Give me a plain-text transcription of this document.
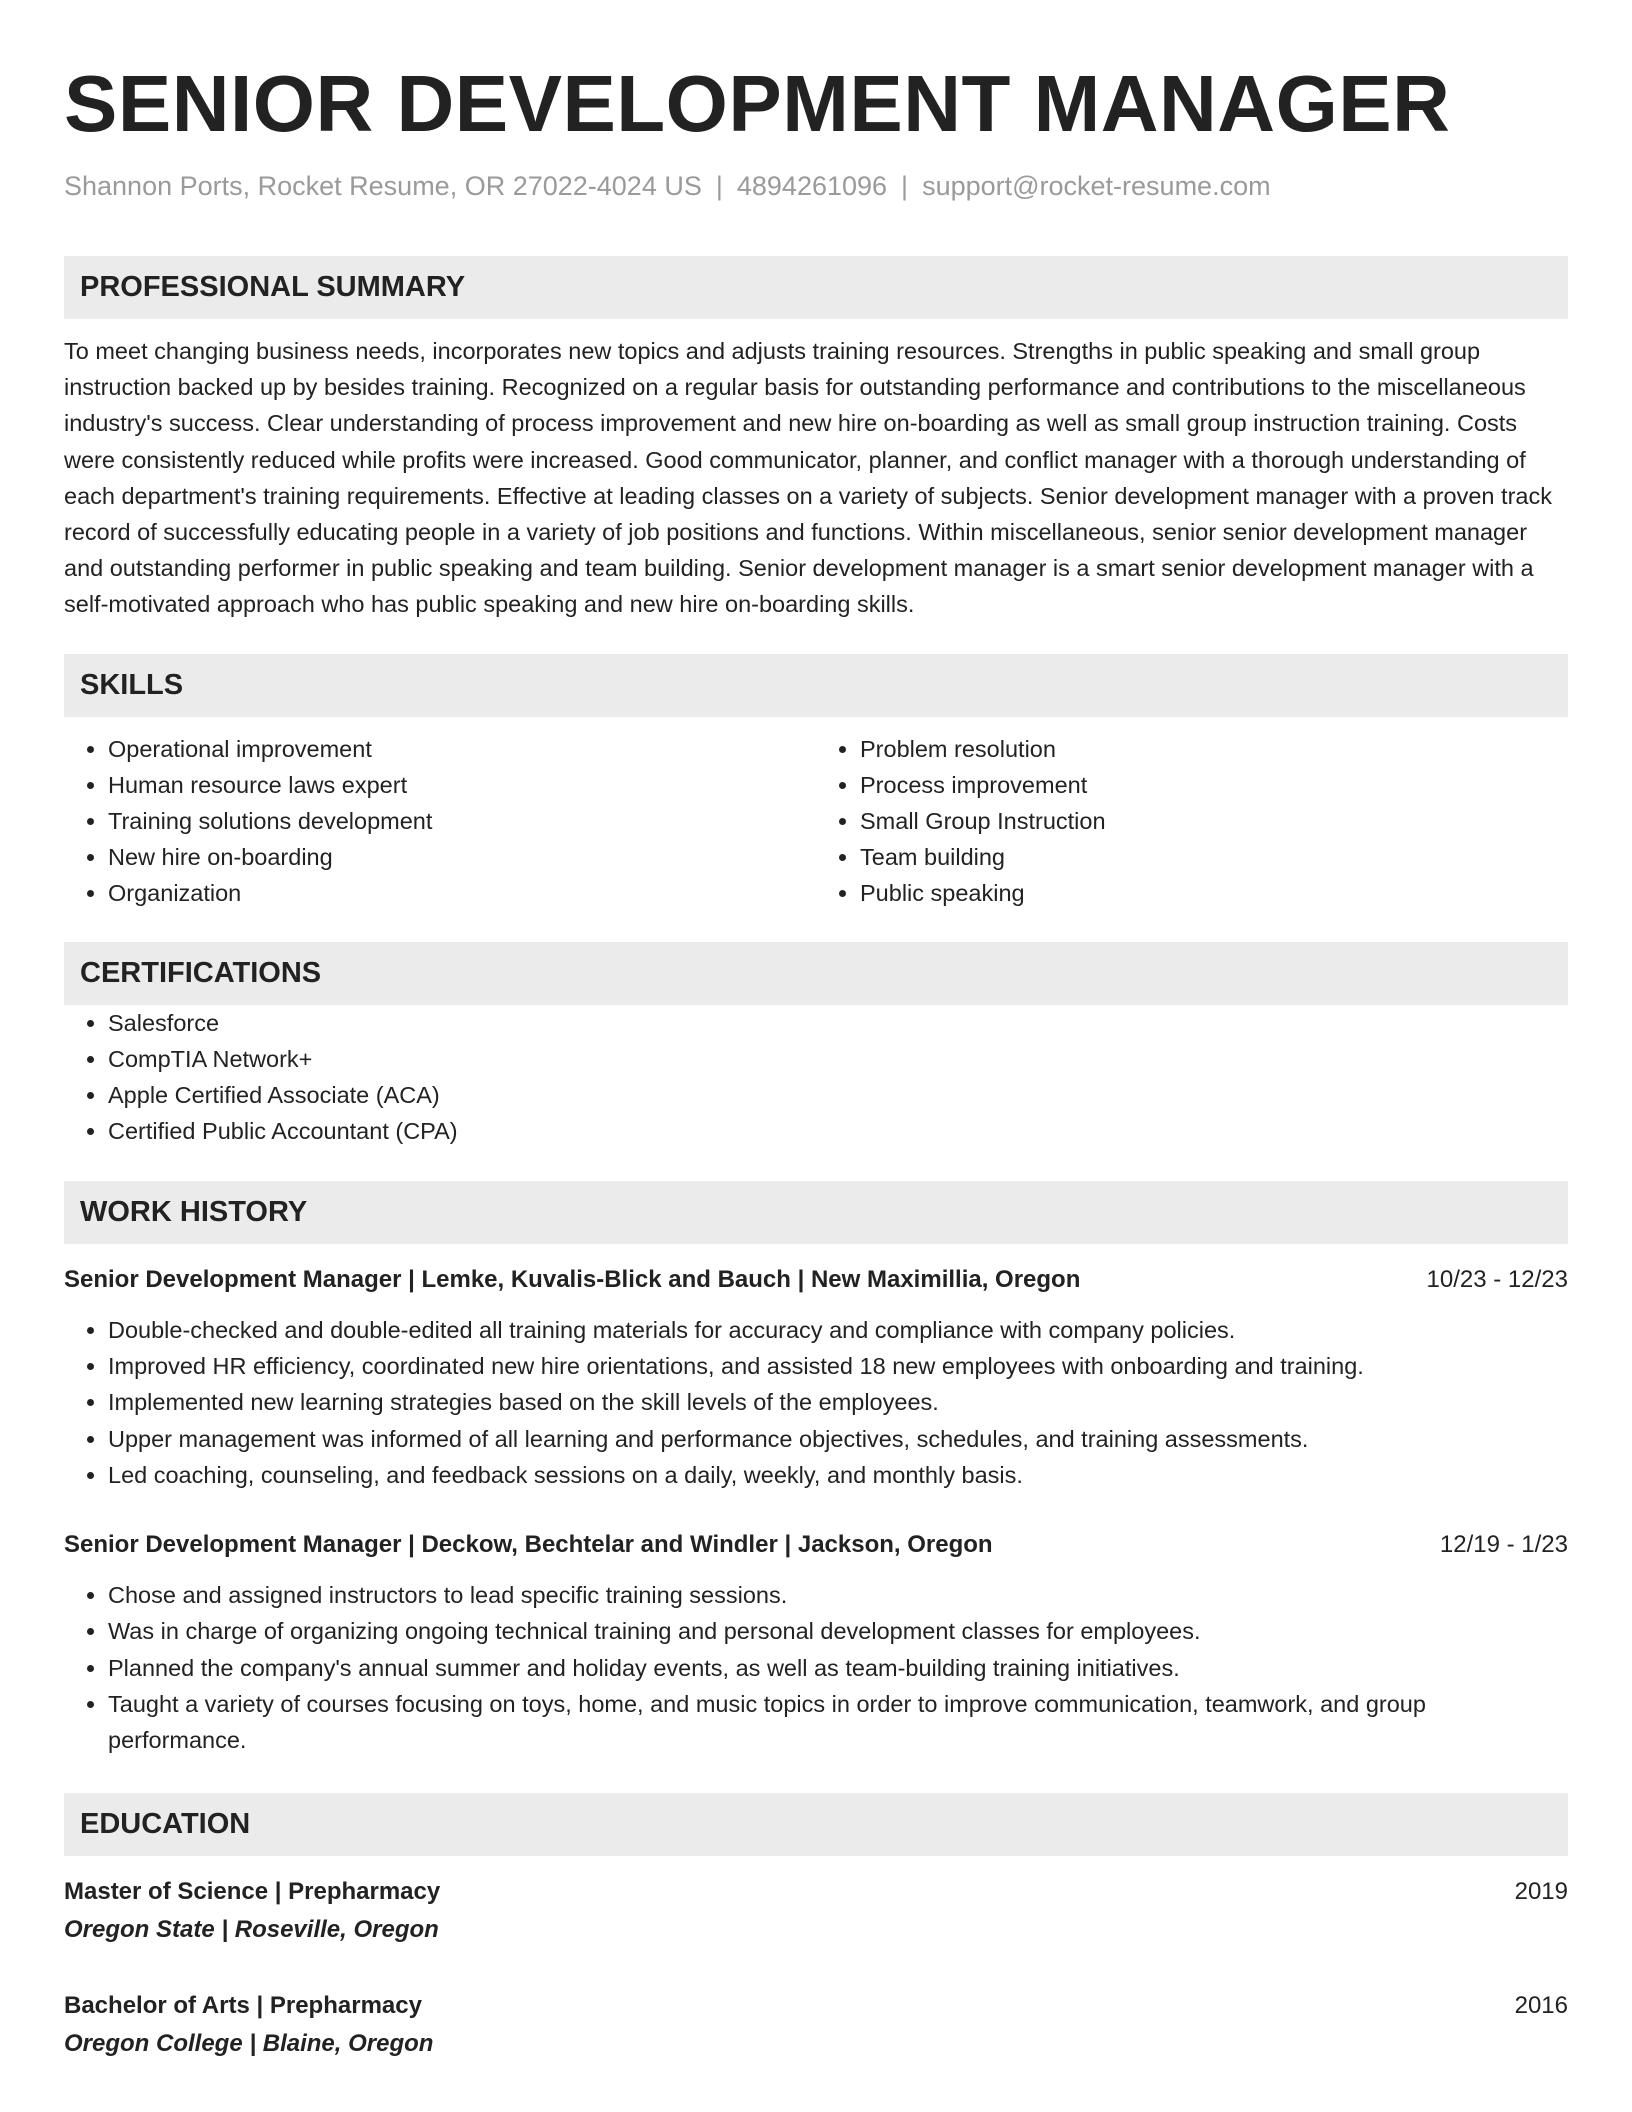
SENIOR DEVELOPMENT MANAGER
Shannon Ports, Rocket Resume, OR 27022-4024 US | 4894261096 | support@rocket-resume.com
PROFESSIONAL SUMMARY

To meet changing business needs, incorporates new topics and adjusts training resources. Strengths in public speaking and small group instruction backed up by besides training. Recognized on a regular basis for outstanding performance and contributions to the miscellaneous industry's success. Clear understanding of process improvement and new hire on-boarding as well as small group instruction training. Costs were consistently reduced while profits were increased. Good communicator, planner, and conflict manager with a thorough understanding of each department's training requirements. Effective at leading classes on a variety of subjects. Senior development manager with a proven track record of successfully educating people in a variety of job positions and functions. Within miscellaneous, senior senior development manager and outstanding performer in public speaking and team building. Senior development manager is a smart senior development manager with a self-motivated approach who has public speaking and new hire on-boarding skills.

SKILLS
• Operational improvement
• Human resource laws expert
• Training solutions development
• New hire on-boarding
• Organization
• Problem resolution
• Process improvement
• Small Group Instruction
• Team building
• Public speaking
CERTIFICATIONS
• Salesforce
• CompTIA Network+
• Apple Certified Associate (ACA)
• Certified Public Accountant (CPA)
WORK HISTORY
Senior Development Manager | Lemke, Kuvalis-Blick and Bauch | New Maximillia, Oregon	10/23 - 12/23
• Double-checked and double-edited all training materials for accuracy and compliance with company policies.
• Improved HR efficiency, coordinated new hire orientations, and assisted 18 new employees with onboarding and training.
• Implemented new learning strategies based on the skill levels of the employees.
• Upper management was informed of all learning and performance objectives, schedules, and training assessments.
• Led coaching, counseling, and feedback sessions on a daily, weekly, and monthly basis.
Senior Development Manager | Deckow, Bechtelar and Windler | Jackson, Oregon	12/19 - 1/23
• Chose and assigned instructors to lead specific training sessions.
• Was in charge of organizing ongoing technical training and personal development classes for employees.
• Planned the company's annual summer and holiday events, as well as team-building training initiatives.
• Taught a variety of courses focusing on toys, home, and music topics in order to improve communication, teamwork, and group performance.
EDUCATION
Master of Science | Prepharmacy	2019
Oregon State | Roseville, Oregon
Bachelor of Arts | Prepharmacy	2016
Oregon College | Blaine, Oregon
